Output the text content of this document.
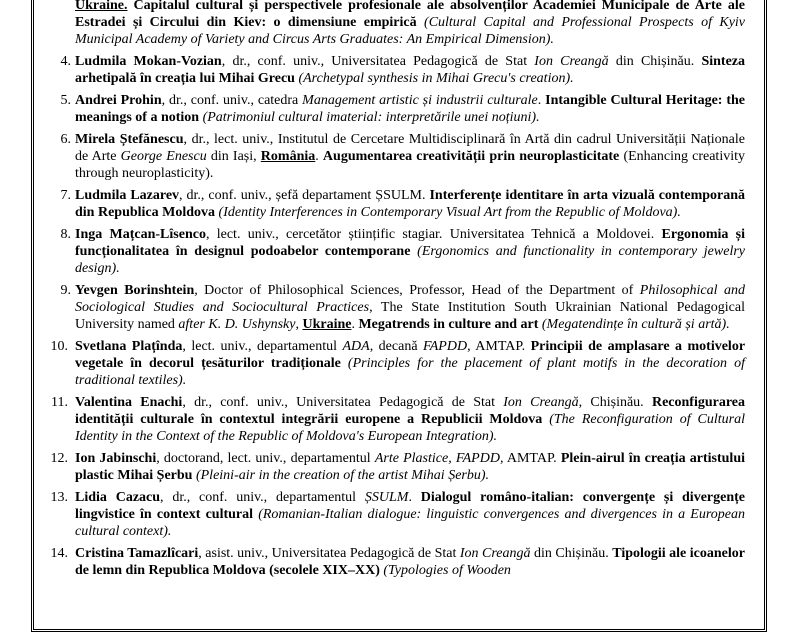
Ukraine. Capitalul cultural și perspectivele profesionale ale absolvenților Academiei Municipale de Arte ale Estradei și Circului din Kiev: o dimensiune empirică (Cultural Capital and Professional Prospects of Kyiv Municipal Academy of Variety and Circus Arts Graduates: An Empirical Dimension).
4. Ludmila Mokan-Vozian, dr., conf. univ., Universitatea Pedagogică de Stat Ion Creangă din Chișinău. Sinteza arhetipală în creația lui Mihai Grecu (Archetypal synthesis in Mihai Grecu's creation).
5. Andrei Prohin, dr., conf. univ., catedra Management artistic și industrii culturale. Intangible Cultural Heritage: the meanings of a notion (Patrimoniul cultural imaterial: interpretările unei noțiuni).
6. Mirela Ștefănescu, dr., lect. univ., Institutul de Cercetare Multidisciplinară în Artă din cadrul Universității Naționale de Arte George Enescu din Iași, România. Augumentarea creativității prin neuroplasticitate (Enhancing creativity through neuroplasticity).
7. Ludmila Lazarev, dr., conf. univ., șefă departament ȘSULM. Interferențe identitare în arta vizuală contemporană din Republica Moldova (Identity Interferences in Contemporary Visual Art from the Republic of Moldova).
8. Inga Mațcan-Lîsenco, lect. univ., cercetător științific stagiar. Universitatea Tehnică a Moldovei. Ergonomia și funcționalitatea în designul podoabelor contemporane (Ergonomics and functionality in contemporary jewelry design).
9. Yevgen Borinshtein, Doctor of Philosophical Sciences, Professor, Head of the Department of Philosophical and Sociological Studies and Sociocultural Practices, The State Institution South Ukrainian National Pedagogical University named after K. D. Ushynsky, Ukraine. Megatrends in culture and art (Megatendințe în cultură și artă).
10. Svetlana Plațînda, lect. univ., departamentul ADA, decană FAPDD, AMTAP. Principii de amplasare a motivelor vegetale în decorul țesăturilor tradiționale (Principles for the placement of plant motifs in the decoration of traditional textiles).
11. Valentina Enachi, dr., conf. univ., Universitatea Pedagogică de Stat Ion Creangă, Chișinău. Reconfigurarea identității culturale în contextul integrării europene a Republicii Moldova (The Reconfiguration of Cultural Identity in the Context of the Republic of Moldova's European Integration).
12. Ion Jabinschi, doctorand, lect. univ., departamentul Arte Plastice, FAPDD, AMTAP. Plein-airul în creația artistului plastic Mihai Șerbu (Pleini-air in the creation of the artist Mihai Șerbu).
13. Lidia Cazacu, dr., conf. univ., departamentul ȘSULM. Dialogul româno-italian: convergențe și divergențe lingvistice în context cultural (Romanian-Italian dialogue: linguistic convergences and divergences in a European cultural context).
14. Cristina Tamazlîcari, asist. univ., Universitatea Pedagogică de Stat Ion Creangă din Chișinău. Tipologii ale icoanelor de lemn din Republica Moldova (secolele XIX–XX) (Typologies of Wooden
